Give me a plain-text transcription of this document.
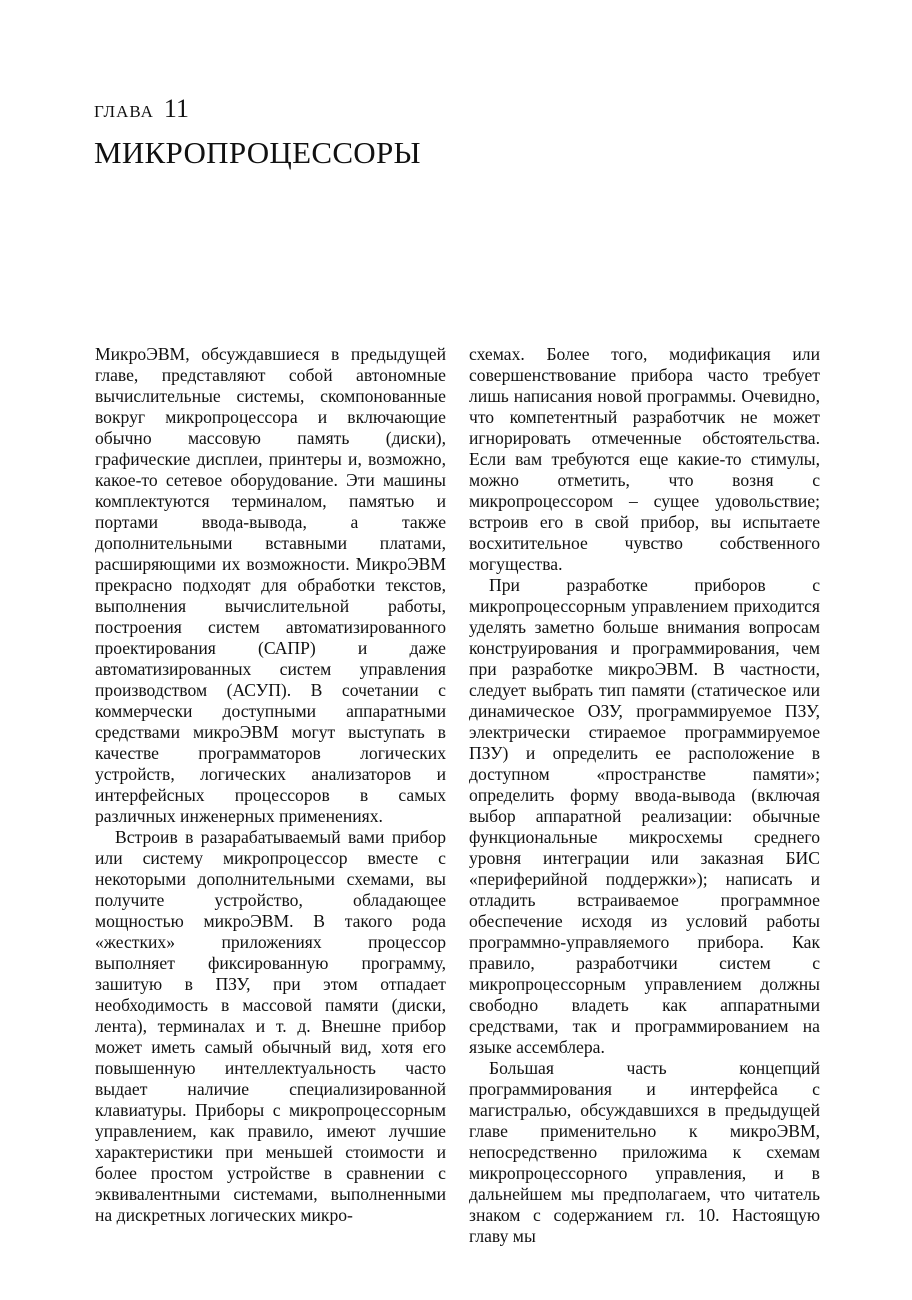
ГЛАВА 11
МИКРОПРОЦЕССОРЫ

МикроЭВМ, обсуждавшиеся в предыдущей главе, представляют собой автономные вычислительные системы, скомпонованные вокруг микропроцессора и включающие обычно массовую память (диски), графические дисплеи, принтеры и, возможно, какое-то сетевое оборудование. Эти машины комплектуются терминалом, памятью и портами ввода-вывода, а также дополнительными вставными платами, расширяющими их возможности. МикроЭВМ прекрасно подходят для обработки текстов, выполнения вычислительной работы, построения систем автоматизированного проектирования (САПР) и даже автоматизированных систем управления производством (АСУП). В сочетании с коммерчески доступными аппаратными средствами микроЭВМ могут выступать в качестве программаторов логических устройств, логических анализаторов и интерфейсных процессоров в самых различных инженерных применениях.

Встроив в разарабатываемый вами прибор или систему микропроцессор вместе с некоторыми дополнительными схемами, вы получите устройство, обладающее мощностью микроЭВМ. В такого рода «жестких» приложениях процессор выполняет фиксированную программу, зашитую в ПЗУ, при этом отпадает необходимость в массовой памяти (диски, лента), терминалах и т. д. Внешне прибор может иметь самый обычный вид, хотя его повышенную интеллектуальность часто выдает наличие специализированной клавиатуры. Приборы с микропроцессорным управлением, как правило, имеют лучшие характеристики при меньшей стоимости и более простом устройстве в сравнении с эквивалентными системами, выполненными на дискретных логических микро-

схемах. Более того, модификация или совершенствование прибора часто требует лишь написания новой программы. Очевидно, что компетентный разработчик не может игнорировать отмеченные обстоятельства. Если вам требуются еще какие-то стимулы, можно отметить, что возня с микропроцессором – сущее удовольствие; встроив его в свой прибор, вы испытаете восхитительное чувство собственного могущества.

При разработке приборов с микропроцессорным управлением приходится уделять заметно больше внимания вопросам конструирования и программирования, чем при разработке микроЭВМ. В частности, следует выбрать тип памяти (статическое или динамическое ОЗУ, программируемое ПЗУ, электрически стираемое программируемое ПЗУ) и определить ее расположение в доступном «пространстве памяти»; определить форму ввода-вывода (включая выбор аппаратной реализации: обычные функциональные микросхемы среднего уровня интеграции или заказная БИС «периферийной поддержки»); написать и отладить встраиваемое программное обеспечение исходя из условий работы программно-управляемого прибора. Как правило, разработчики систем с микропроцессорным управлением должны свободно владеть как аппаратными средствами, так и программированием на языке ассемблера.

Большая часть концепций программирования и интерфейса с магистралью, обсуждавшихся в предыдущей главе применительно к микроЭВМ, непосредственно приложима к схемам микропроцессорного управления, и в дальнейшем мы предполагаем, что читатель знаком с содержанием гл. 10. Настоящую главу мы
